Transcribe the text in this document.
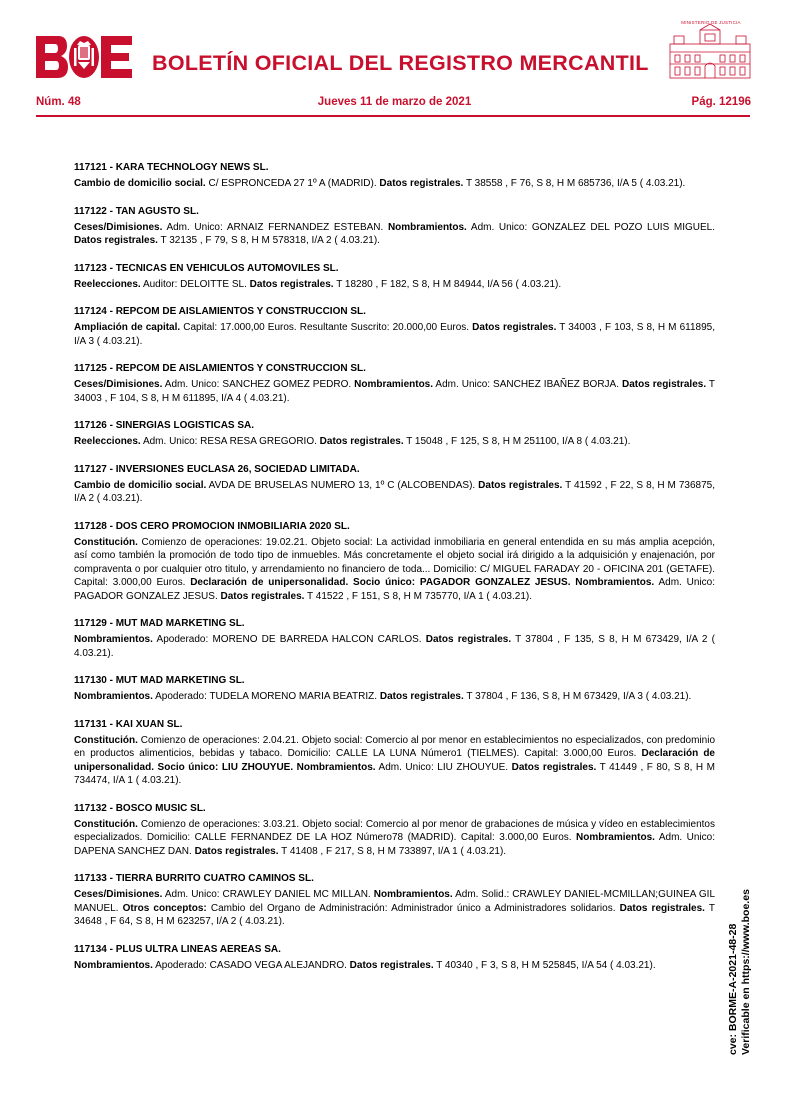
BOLETÍN OFICIAL DEL REGISTRO MERCANTIL
MINISTERIO DE JUSTICIA
Núm. 48	Jueves 11 de marzo de 2021	Pág. 12196
117121 - KARA TECHNOLOGY NEWS SL.
Cambio de domicilio social. C/ ESPRONCEDA 27 1º A (MADRID). Datos registrales. T 38558 , F 76, S 8, H M 685736, I/A 5 ( 4.03.21).
117122 - TAN AGUSTO SL.
Ceses/Dimisiones. Adm. Unico: ARNAIZ FERNANDEZ ESTEBAN. Nombramientos. Adm. Unico: GONZALEZ DEL POZO LUIS MIGUEL. Datos registrales. T 32135 , F 79, S 8, H M 578318, I/A 2 ( 4.03.21).
117123 - TECNICAS EN VEHICULOS AUTOMOVILES SL.
Reelecciones. Auditor: DELOITTE SL. Datos registrales. T 18280 , F 182, S 8, H M 84944, I/A 56 ( 4.03.21).
117124 - REPCOM DE AISLAMIENTOS Y CONSTRUCCION SL.
Ampliación de capital. Capital: 17.000,00 Euros. Resultante Suscrito: 20.000,00 Euros. Datos registrales. T 34003 , F 103, S 8, H M 611895, I/A 3 ( 4.03.21).
117125 - REPCOM DE AISLAMIENTOS Y CONSTRUCCION SL.
Ceses/Dimisiones. Adm. Unico: SANCHEZ GOMEZ PEDRO. Nombramientos. Adm. Unico: SANCHEZ IBAÑEZ BORJA. Datos registrales. T 34003 , F 104, S 8, H M 611895, I/A 4 ( 4.03.21).
117126 - SINERGIAS LOGISTICAS SA.
Reelecciones. Adm. Unico: RESA RESA GREGORIO. Datos registrales. T 15048 , F 125, S 8, H M 251100, I/A 8 ( 4.03.21).
117127 - INVERSIONES EUCLASA 26, SOCIEDAD LIMITADA.
Cambio de domicilio social. AVDA DE BRUSELAS NUMERO 13, 1º C (ALCOBENDAS). Datos registrales. T 41592 , F 22, S 8, H M 736875, I/A 2 ( 4.03.21).
117128 - DOS CERO PROMOCION INMOBILIARIA 2020 SL.
Constitución. Comienzo de operaciones: 19.02.21. Objeto social: La actividad inmobiliaria en general entendida en su más amplia acepción, así como también la promoción de todo tipo de inmuebles. Más concretamente el objeto social irá dirigido a la adquisición y enajenación, por compraventa o por cualquier otro titulo, y arrendamiento no financiero de toda... Domicilio: C/ MIGUEL FARADAY 20 - OFICINA 201 (GETAFE). Capital: 3.000,00 Euros. Declaración de unipersonalidad. Socio único: PAGADOR GONZALEZ JESUS. Nombramientos. Adm. Unico: PAGADOR GONZALEZ JESUS. Datos registrales. T 41522 , F 151, S 8, H M 735770, I/A 1 ( 4.03.21).
117129 - MUT MAD MARKETING SL.
Nombramientos. Apoderado: MORENO DE BARREDA HALCON CARLOS. Datos registrales. T 37804 , F 135, S 8, H M 673429, I/A 2 ( 4.03.21).
117130 - MUT MAD MARKETING SL.
Nombramientos. Apoderado: TUDELA MORENO MARIA BEATRIZ. Datos registrales. T 37804 , F 136, S 8, H M 673429, I/A 3 ( 4.03.21).
117131 - KAI XUAN SL.
Constitución. Comienzo de operaciones: 2.04.21. Objeto social: Comercio al por menor en establecimientos no especializados, con predominio en productos alimenticios, bebidas y tabaco. Domicilio: CALLE LA LUNA Número1 (TIELMES). Capital: 3.000,00 Euros. Declaración de unipersonalidad. Socio único: LIU ZHOUYUE. Nombramientos. Adm. Unico: LIU ZHOUYUE. Datos registrales. T 41449 , F 80, S 8, H M 734474, I/A 1 ( 4.03.21).
117132 - BOSCO MUSIC SL.
Constitución. Comienzo de operaciones: 3.03.21. Objeto social: Comercio al por menor de grabaciones de música y vídeo en establecimientos especializados. Domicilio: CALLE FERNANDEZ DE LA HOZ Número78 (MADRID). Capital: 3.000,00 Euros. Nombramientos. Adm. Unico: DAPENA SANCHEZ DAN. Datos registrales. T 41408 , F 217, S 8, H M 733897, I/A 1 ( 4.03.21).
117133 - TIERRA BURRITO CUATRO CAMINOS SL.
Ceses/Dimisiones. Adm. Unico: CRAWLEY DANIEL MC MILLAN. Nombramientos. Adm. Solid.: CRAWLEY DANIEL-MCMILLAN;GUINEA GIL MANUEL. Otros conceptos: Cambio del Organo de Administración: Administrador único a Administradores solidarios. Datos registrales. T 34648 , F 64, S 8, H M 623257, I/A 2 ( 4.03.21).
117134 - PLUS ULTRA LINEAS AEREAS SA.
Nombramientos. Apoderado: CASADO VEGA ALEJANDRO. Datos registrales. T 40340 , F 3, S 8, H M 525845, I/A 54 ( 4.03.21).	cve: BORME-A-2021-48-28 Verificable en https://www.boe.es
